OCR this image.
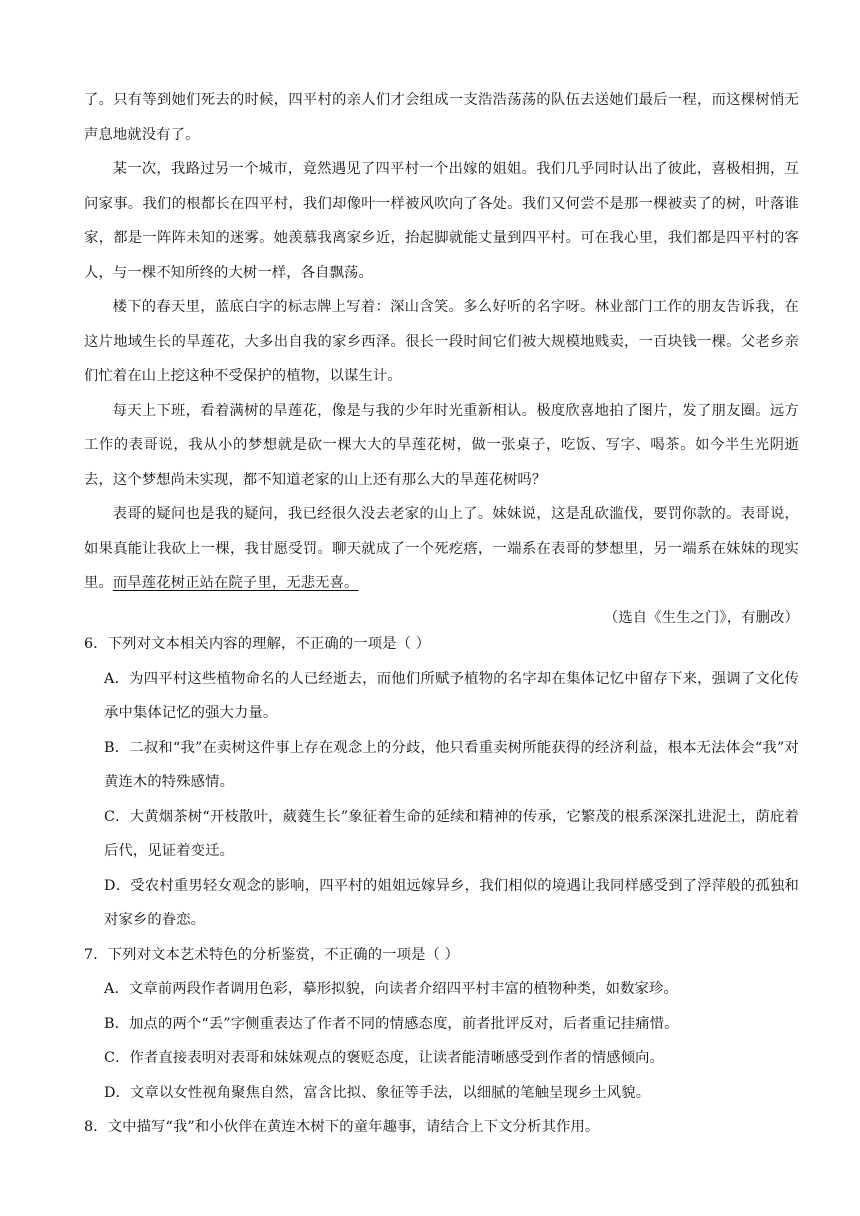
了。只有等到她们死去的时候，四平村的亲人们才会组成一支浩浩荡荡的队伍去送她们最后一程，而这棵树悄无声息地就没有了。

某一次，我路过另一个城市，竟然遇见了四平村一个出嫁的姐姐。我们几乎同时认出了彼此，喜极相拥，互问家事。我们的根都长在四平村，我们却像叶一样被风吹向了各处。我们又何尝不是那一棵被卖了的树，叶落谁家，都是一阵阵未知的迷雾。她羡慕我离家乡近，抬起脚就能丈量到四平村。可在我心里，我们都是四平村的客人，与一棵不知所终的大树一样，各自飘荡。

楼下的春天里，蓝底白字的标志牌上写着：深山含笑。多么好听的名字呀。林业部门工作的朋友告诉我，在这片地域生长的旱莲花，大多出自我的家乡西泽。很长一段时间它们被大规模地贱卖，一百块钱一棵。父老乡亲们忙着在山上挖这种不受保护的植物，以谋生计。

每天上下班，看着满树的旱莲花，像是与我的少年时光重新相认。极度欣喜地拍了图片，发了朋友圈。远方工作的表哥说，我从小的梦想就是砍一棵大大的旱莲花树，做一张桌子，吃饭、写字、喝茶。如今半生光阴逝去，这个梦想尚未实现，都不知道老家的山上还有那么大的旱莲花树吗？

表哥的疑问也是我的疑问，我已经很久没去老家的山上了。妹妹说，这是乱砍滥伐，要罚你款的。表哥说，如果真能让我砍上一棵，我甘愿受罚。聊天就成了一个死疙瘩，一端系在表哥的梦想里，另一端系在妹妹的现实里。而旱莲花树正站在院子里，无悲无喜。

（选自《生生之门》，有删改）

6．下列对文本相关内容的理解，不正确的一项是（ ）

A．为四平村这些植物命名的人已经逝去，而他们所赋予植物的名字却在集体记忆中留存下来，强调了文化传承中集体记忆的强大力量。

B．二叔和“我”在卖树这件事上存在观念上的分歧，他只看重卖树所能获得的经济利益，根本无法体会“我”对黄连木的特殊感情。

C．大黄烟茶树“开枝散叶，葳蕤生长”象征着生命的延续和精神的传承，它繁茂的根系深深扎进泥土，荫庇着后代，见证着变迁。

D．受农村重男轻女观念的影响，四平村的姐姐远嫁异乡，我们相似的境遇让我同样感受到了浮萍般的孤独和对家乡的眷恋。

7．下列对文本艺术特色的分析鉴赏，不正确的一项是（ ）

A．文章前两段作者调用色彩，摹形拟貌，向读者介绍四平村丰富的植物种类，如数家珍。

B．加点的两个“丢”字侧重表达了作者不同的情感态度，前者批评反对，后者重记挂痛惜。

C．作者直接表明对表哥和妹妹观点的褒贬态度，让读者能清晰感受到作者的情感倾向。

D．文章以女性视角聚焦自然，富含比拟、象征等手法，以细腻的笔触呈现乡土风貌。

8．文中描写“我”和小伙伴在黄连木树下的童年趣事，请结合上下文分析其作用。
